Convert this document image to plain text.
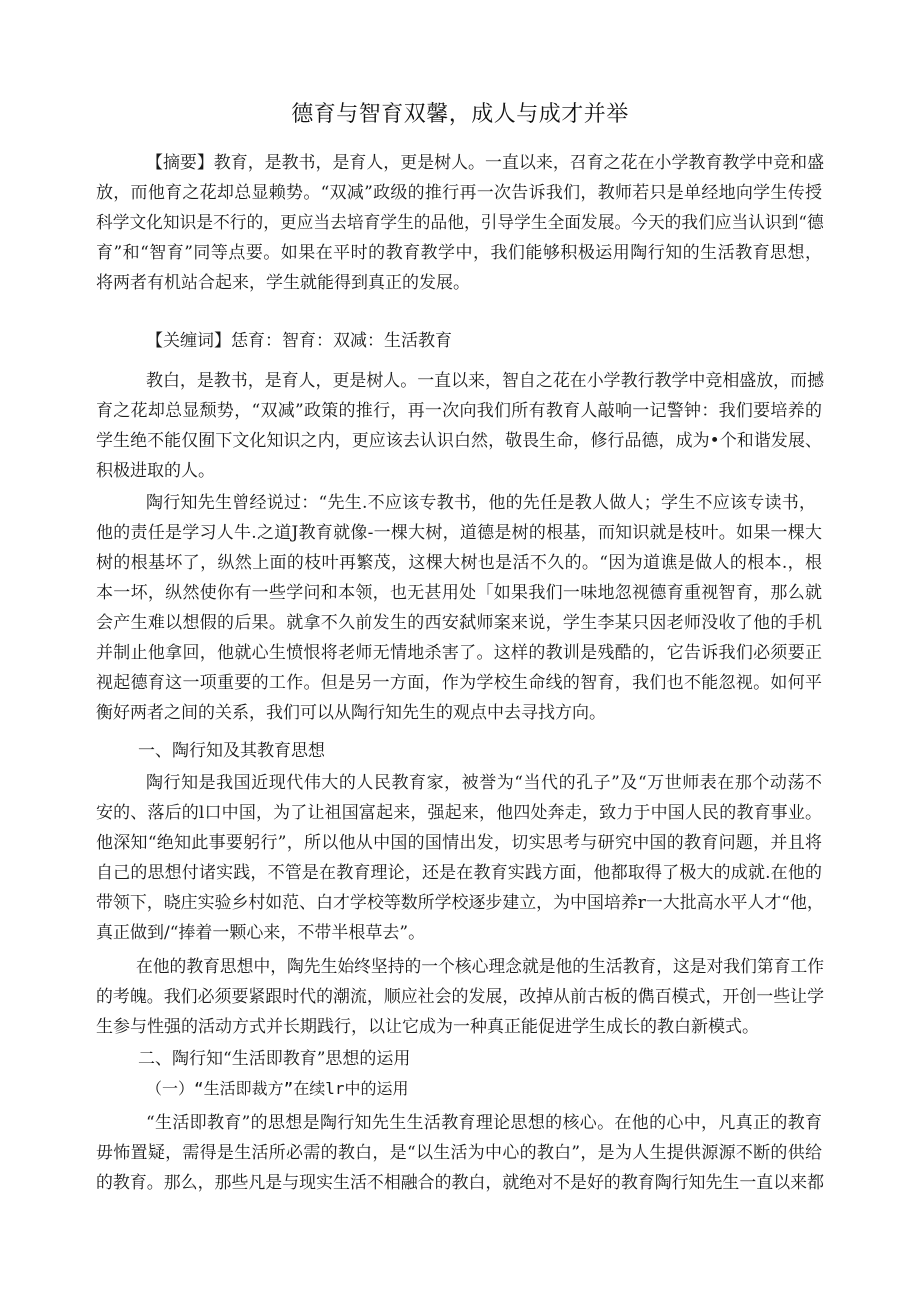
德育与智育双馨，成人与成才并举
【摘要】教育，是教书，是育人，更是树人。一直以来，召育之花在小学教育教学中竞和盛
放，而他育之花却总显赖势。“双减”政级的推行再一次告诉我们，教师若只是单经地向学生传授
科学文化知识是不行的，更应当去培育学生的品他，引导学生全面发展。今天的我们应当认识到“德
育”和“智育”同等点要。如果在平时的教育教学中，我们能够积极运用陶行知的生活教育思想，
将两者有机站合起来，学生就能得到真正的发展。
【关缠词】恁育：智育：双减：生活教育
教白，是教书，是育人，更是树人。一直以来，智自之花在小学教行教学中竞相盛放，而撼
育之花却总显颓势，“双减”政策的推行，再一次向我们所有教育人敲响一记警钟：我们要培养的
学生绝不能仅囿下文化知识之内，更应该去认识白然，敬畏生命，修行品德，成为•个和谐发展、
积极进取的人。
陶行知先生曾经说过：“先生.不应该专教书，他的先任是教人做人；学生不应该专读书，
他的责任是学习人牛.之道J教育就像-一棵大树，道德是树的根基，而知识就是枝叶。如果一棵大
树的根基坏了，纵然上面的枝叶再繁茂，这棵大树也是活不久的。“因为道谯是做人的根本.，根
本一坏，纵然使你有一些学问和本领，也无甚用处「如果我们一味地忽视德育重视智育，那么就
会产生难以想假的后果。就拿不久前发生的西安弑师案来说，学生李某只因老师没收了他的手机
并制止他拿回，他就心生愤恨将老师无情地杀害了。这样的教训是残酷的，它告诉我们必须要正
视起德育这一项重要的工作。但是另一方面，作为学校生命线的智育，我们也不能忽视。如何平
衡好两者之间的关系，我们可以从陶行知先生的观点中去寻找方向。
一、陶行知及其教育思想
陶行知是我国近现代伟大的人民教育家，被誉为“当代的孔子”及“万世师表在那个动荡不
安的、落后的l口中国，为了让祖国富起来，强起来，他四处奔走，致力于中国人民的教育事业。
他深知“绝知此事要躬行”，所以他从中国的国情出发，切实思考与研究中国的教育问题，并且将
自己的思想付诸实践，不管是在教育理论，还是在教育实践方面，他都取得了极大的成就.在他的
带领下，晓庄实验乡村如范、白才学校等数所学校逐步建立，为中国培养r一大批高水平人才“他，
真正做到/“捧着一颗心来，不带半根草去”。
在他的教育思想中，陶先生始终坚持的一个核心理念就是他的生活教育，这是对我们第育工作
的考魄。我们必须要紧跟时代的潮流，顺应社会的发展，改掉从前古板的儁百模式，开创一些让学
生参与性强的活动方式并长期践行，以让它成为一种真正能促进学生成长的教白新模式。
二、陶行知“生活即教育”思想的运用
（一）“生活即裁方”在续lr中的运用
“生活即教育”的思想是陶行知先生生活教育理论思想的核心。在他的心中，凡真正的教育
毋怖置疑，需得是生活所必需的教白，是“以生活为中心的教白”，是为人生提供源源不断的供给
的教育。那么，那些凡是与现实生活不相融合的教白，就绝对不是好的教育陶行知先生一直以来都
